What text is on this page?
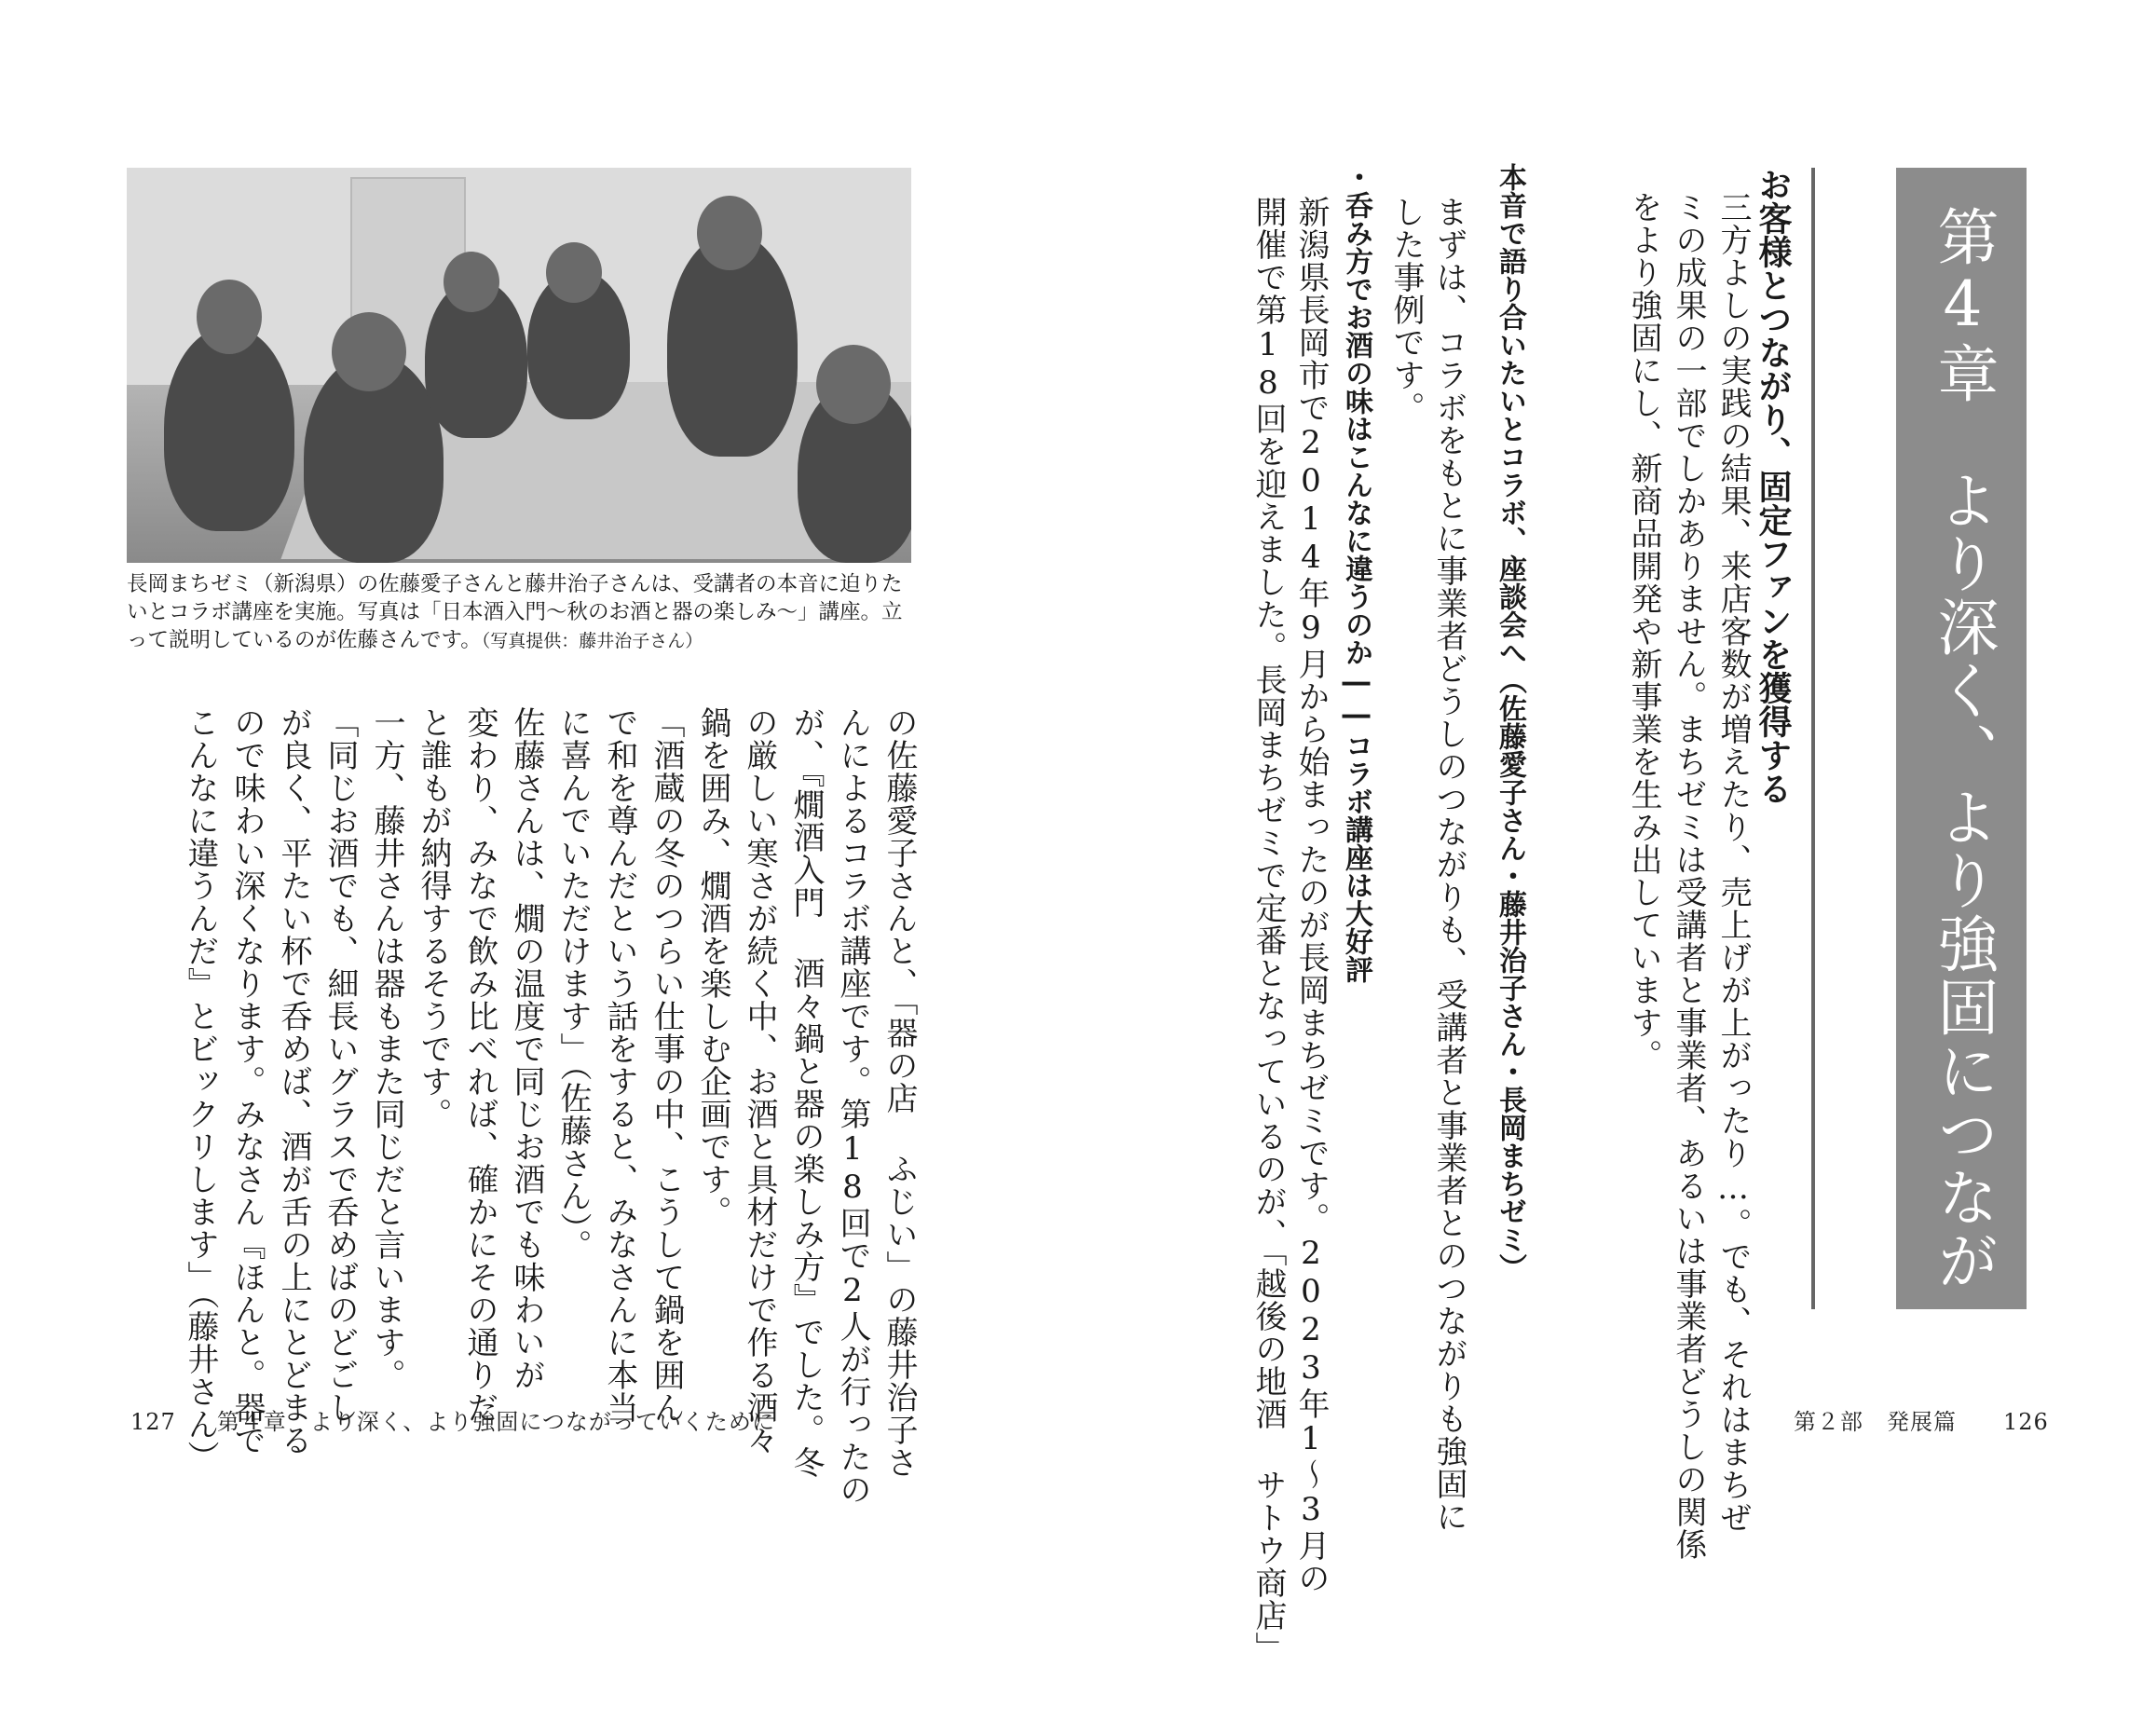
長岡まちゼミ（新潟県）の佐藤愛子さんと藤井治子さんは、受講者の本音に迫りたいとコラボ講座を実施。写真は「日本酒入門〜秋のお酒と器の楽しみ〜」講座。立って説明しているのが佐藤さんです。（写真提供：藤井治子さん）

の佐藤愛子さんと、「器の店 ふじい」の藤井治子さ
んによるコラボ講座です。第18回で2人が行ったの
が、『燗酒入門 酒々鍋と器の楽しみ方』でした。冬
の厳しい寒さが続く中、お酒と具材だけで作る酒々
鍋を囲み、燗酒を楽しむ企画です。
「酒蔵の冬のつらい仕事の中、こうして鍋を囲ん
で和を尊んだという話をすると、みなさんに本当
に喜んでいただけます」（佐藤さん）。
佐藤さんは、燗の温度で同じお酒でも味わいが
変わり、みなで飲み比べれば、確かにその通りだ
と誰もが納得するそうです。
一方、藤井さんは器もまた同じだと言います。
「同じお酒でも、細長いグラスで呑めばのどごし
が良く、平たい杯で呑めば、酒が舌の上にとどまる
ので味わい深くなります。みなさん『ほんと。器で
こんなに違うんだ』とビックリします」（藤井さん）

127 第４章　より深く、より強固につながっていくために	第4章　より深く、より強固につながっていくために

お客様とつながり、固定ファンを獲得する

三方よしの実践の結果、来店客数が増えたり、売上げが上がったり…。でも、それはまちぜ
ミの成果の一部でしかありません。まちゼミは受講者と事業者、あるいは事業者どうしの関係
をより強固にし、新商品開発や新事業を生み出しています。

本音で語り合いたいとコラボ、座談会へ（佐藤愛子さん・藤井治子さん・長岡まちゼミ）

まずは、コラボをもとに事業者どうしのつながりも、受講者と事業者とのつながりも強固に
した事例です。

・呑み方でお酒の味はこんなに違うのか――コラボ講座は大好評

新潟県長岡市で2014年9月から始まったのが長岡まちゼミです。2023年1〜3月の
開催で第18回を迎えました。長岡まちゼミで定番となっているのが、「越後の地酒 サトウ商店」

第２部　発展篇 126
